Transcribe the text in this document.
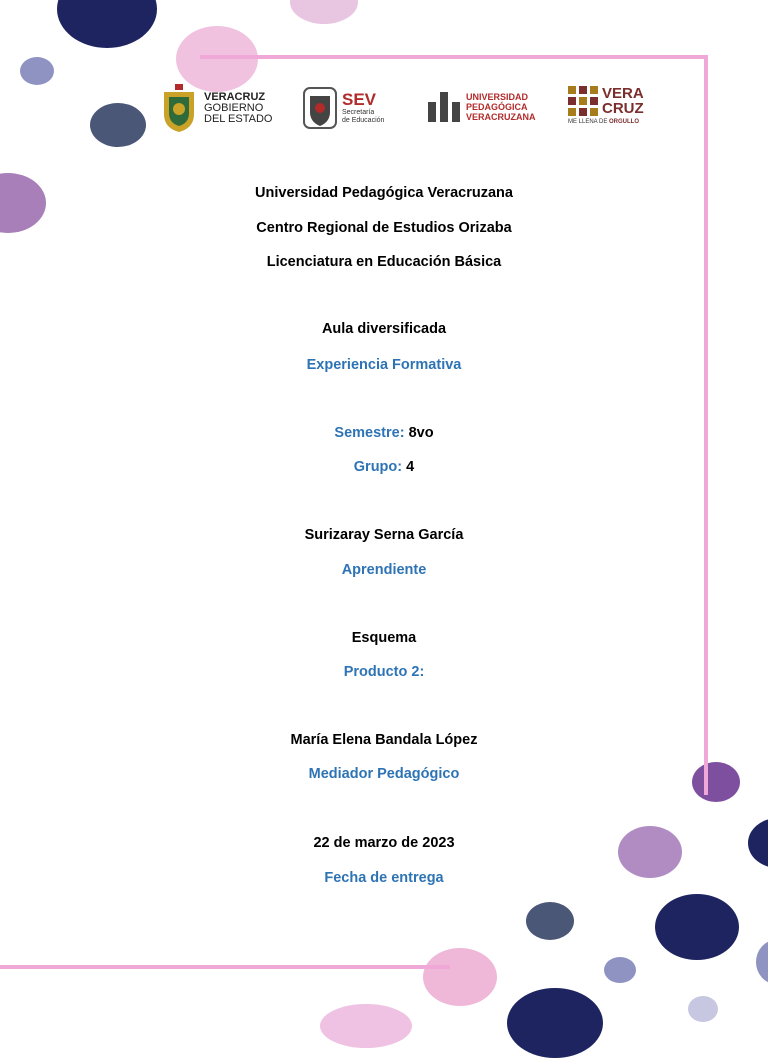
VERACRUZ
GOBIERNO
DEL ESTADO
SEV
Secretaría
de Educación
UNIVERSIDAD
PEDAGÓGICA
VERACRUZANA
VERA
CRUZ
ME LLENA DE ORGULLO
Universidad Pedagógica Veracruzana
Centro Regional de Estudios Orizaba
Licenciatura en Educación Básica
Aula diversificada
Experiencia Formativa
Semestre: 8vo
Grupo: 4
Surizaray Serna García
Aprendiente
Esquema
Producto 2:
María Elena Bandala López
Mediador Pedagógico
22 de marzo de 2023
Fecha de entrega
